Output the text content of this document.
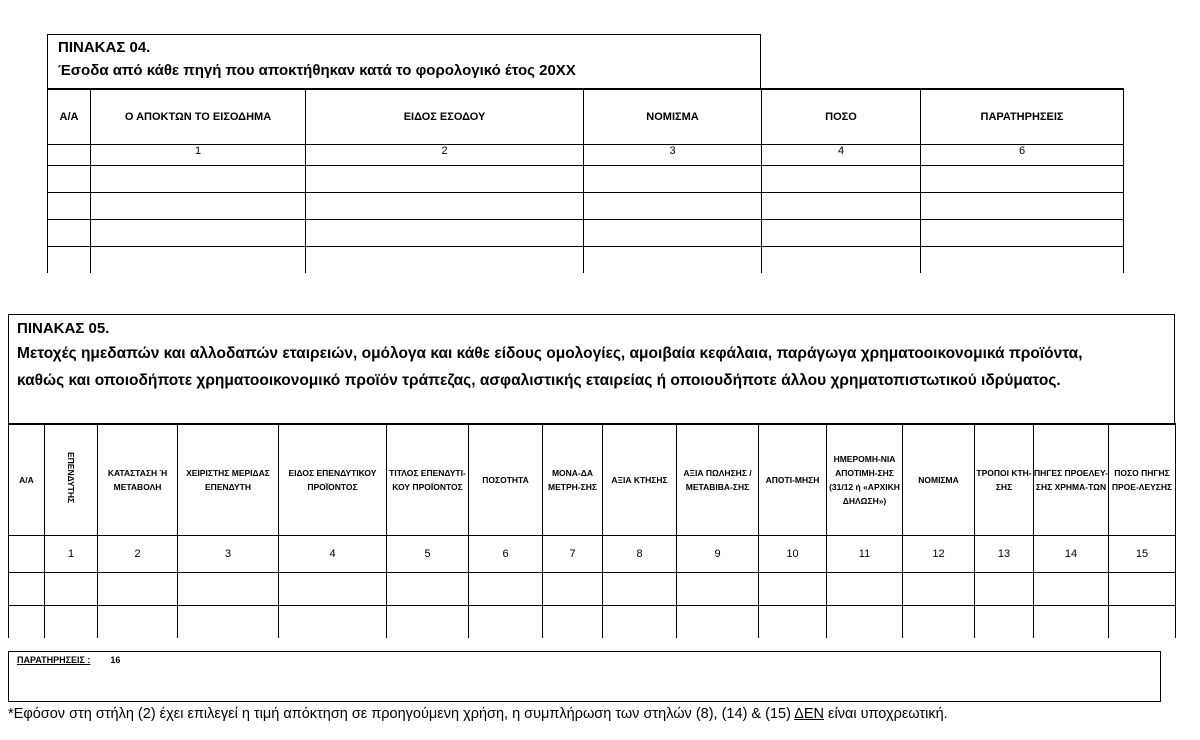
ΠΙΝΑΚΑΣ 04.
Έσοδα από κάθε πηγή που αποκτήθηκαν κατά το φορολογικό έτος 20ΧΧ
Α/Α	Ο ΑΠΟΚΤΩΝ ΤΟ ΕΙΣΟΔΗΜΑ	ΕΙΔΟΣ ΕΣΟΔΟΥ	ΝΟΜΙΣΜΑ	ΠΟΣΟ	ΠΑΡΑΤΗΡΗΣΕΙΣ
	1	2	3	4	6

ΠΙΝΑΚΑΣ 05.
Μετοχές ημεδαπών και αλλοδαπών εταιρειών, ομόλογα και κάθε είδους ομολογίες, αμοιβαία κεφάλαια, παράγωγα χρηματοοικονομικά προϊόντα, καθώς και οποιοδήποτε χρηματοοικονομικό προϊόν τράπεζας, ασφαλιστικής εταιρείας ή οποιουδήποτε άλλου χρηματοπιστωτικού ιδρύματος.
Α/Α	ΕΠΕΝΔΥΤΗΣ	ΚΑΤΑΣΤΑΣΗ Ή ΜΕΤΑΒΟΛΗ	ΧΕΙΡΙΣΤΗΣ ΜΕΡΙΔΑΣ ΕΠΕΝΔΥΤΗ	ΕΙΔΟΣ ΕΠΕΝΔΥΤΙΚΟΥ ΠΡΟΪΟΝΤΟΣ	ΤΙΤΛΟΣ ΕΠΕΝΔΥΤΙ-ΚΟΥ ΠΡΟΪΟΝΤΟΣ	ΠΟΣΟΤΗΤΑ	ΜΟΝΑ-ΔΑ ΜΕΤΡΗ-ΣΗΣ	ΑΞΙΑ ΚΤΗΣΗΣ	ΑΞΙΑ ΠΩΛΗΣΗΣ / ΜΕΤΑΒΙΒΑ-ΣΗΣ	ΑΠΟΤΙ-ΜΗΣΗ	ΗΜΕΡΟΜΗ-ΝΙΑ ΑΠΟΤΙΜΗ-ΣΗΣ (31/12 ή «ΑΡΧΙΚΗ ΔΗΛΩΣΗ»)	ΝΟΜΙΣΜΑ	ΤΡΟΠΟΙ ΚΤΗ-ΣΗΣ	ΠΗΓΕΣ ΠΡΟΕΛΕΥ-ΣΗΣ ΧΡΗΜΑ-ΤΩΝ	ΠΟΣΟ ΠΗΓΗΣ ΠΡΟΕ-ΛΕΥΣΗΣ
	1	2	3	4	5	6	7	8	9	10	11	12	13	14	15

ΠΑΡΑΤΗΡΗΣΕΙΣ : 16
*Εφόσον στη στήλη (2) έχει επιλεγεί η τιμή απόκτηση σε προηγούμενη χρήση, η συμπλήρωση των στηλών (8), (14) & (15) ΔΕΝ είναι υποχρεωτική.
